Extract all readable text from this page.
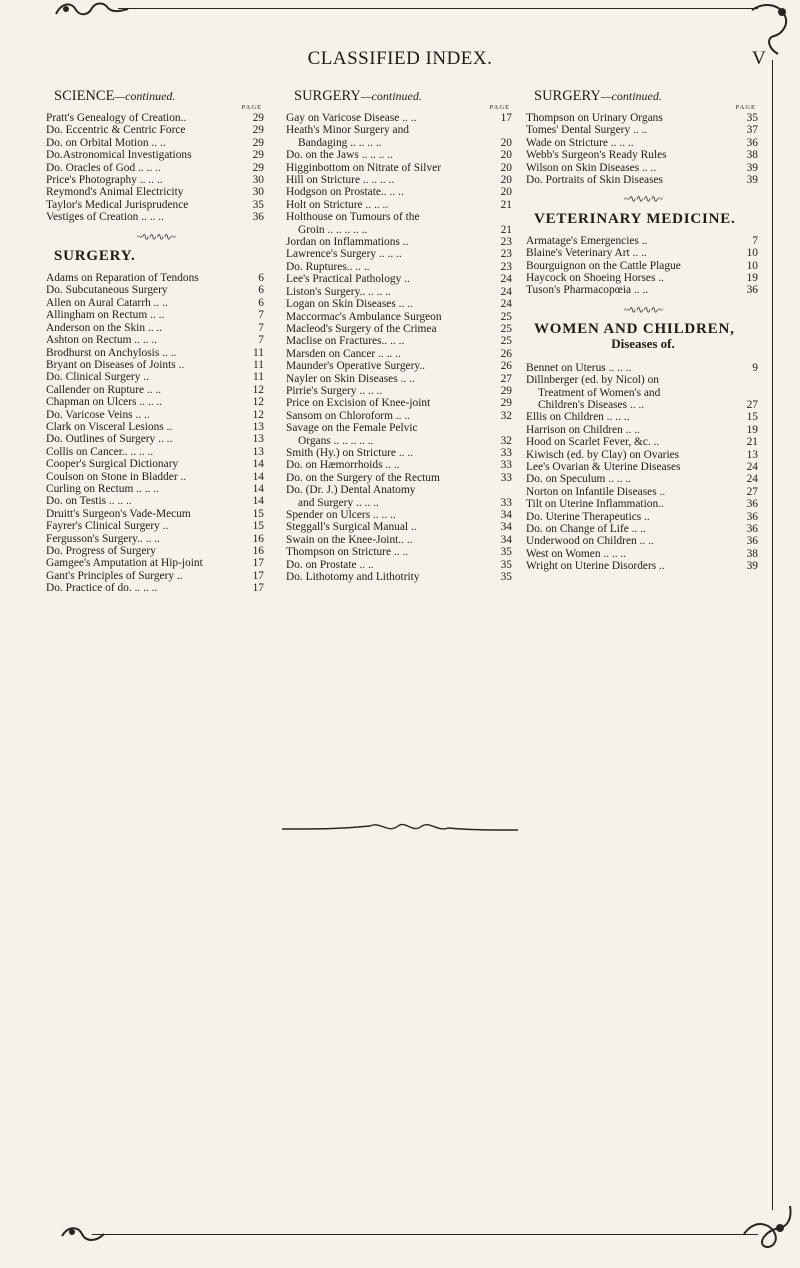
CLASSIFIED INDEX.	V
SCIENCE—continued.
PAGE
Pratt's Genealogy of Creation..	29
Do. Eccentric & Centric Force	29
Do. on Orbital Motion .. ..	29
Do.Astronomical Investigations	29
Do. Oracles of God .. .. ..	29
Price's Photography .. .. ..	30
Reymond's Animal Electricity	30
Taylor's Medical Jurisprudence	35
Vestiges of Creation .. .. ..	36
~∿∿∿∿~
SURGERY.
Adams on Reparation of Tendons	6
Do. Subcutaneous Surgery	6
Allen on Aural Catarrh .. ..	6
Allingham on Rectum .. ..	7
Anderson on the Skin .. ..	7
Ashton on Rectum .. .. ..	7
Brodhurst on Anchylosis .. ..	11
Bryant on Diseases of Joints ..	11
Do. Clinical Surgery ..	11
Callender on Rupture .. ..	12
Chapman on Ulcers .. .. ..	12
Do. Varicose Veins .. ..	12
Clark on Visceral Lesions ..	13
Do. Outlines of Surgery .. ..	13
Collis on Cancer.. .. .. ..	13
Cooper's Surgical Dictionary	14
Coulson on Stone in Bladder ..	14
Curling on Rectum .. .. ..	14
Do. on Testis .. .. ..	14
Druitt's Surgeon's Vade-Mecum	15
Fayrer's Clinical Surgery ..	15
Fergusson's Surgery.. .. ..	16
Do. Progress of Surgery	16
Gamgee's Amputation at Hip-joint	17
Gant's Principles of Surgery ..	17
Do. Practice of do. .. .. ..	17
SURGERY—continued.
PAGE
Gay on Varicose Disease .. ..	17
Heath's Minor Surgery and
Bandaging .. .. .. ..	20
Do. on the Jaws .. .. .. ..	20
Higginbottom on Nitrate of Silver	20
Hill on Stricture .. .. .. ..	20
Hodgson on Prostate.. .. ..	20
Holt on Stricture .. .. ..	21
Holthouse on Tumours of the
Groin .. .. .. .. ..	21
Jordan on Inflammations ..	23
Lawrence's Surgery .. .. ..	23
Do. Ruptures.. .. ..	23
Lee's Practical Pathology ..	24
Liston's Surgery.. .. .. ..	24
Logan on Skin Diseases .. ..	24
Maccormac's Ambulance Surgeon	25
Macleod's Surgery of the Crimea	25
Maclise on Fractures.. .. ..	25
Marsden on Cancer .. .. ..	26
Maunder's Operative Surgery..	26
Nayler on Skin Diseases .. ..	27
Pirrie's Surgery .. .. ..	29
Price on Excision of Knee-joint	29
Sansom on Chloroform .. ..	32
Savage on the Female Pelvic
Organs .. .. .. .. ..	32
Smith (Hy.) on Stricture .. ..	33
Do. on Hæmorrhoids .. ..	33
Do. on the Surgery of the Rectum	33
Do. (Dr. J.) Dental Anatomy
and Surgery .. .. ..	33
Spender on Ulcers .. .. ..	34
Steggall's Surgical Manual ..	34
Swain on the Knee-Joint.. ..	34
Thompson on Stricture .. ..	35
Do. on Prostate .. ..	35
Do. Lithotomy and Lithotrity	35
SURGERY—continued.
PAGE
Thompson on Urinary Organs	35
Tomes' Dental Surgery .. ..	37
Wade on Stricture .. .. ..	36
Webb's Surgeon's Ready Rules	38
Wilson on Skin Diseases .. ..	39
Do. Portraits of Skin Diseases	39
~∿∿∿∿~
VETERINARY MEDICINE.
Armatage's Emergencies ..	7
Blaine's Veterinary Art .. ..	10
Bourguignon on the Cattle Plague	10
Haycock on Shoeing Horses ..	19
Tuson's Pharmacopœia .. ..	36
~∿∿∿∿~
WOMEN AND CHILDREN,
Diseases of.
Bennet on Uterus .. .. ..	9
Dillnberger (ed. by Nicol) on
Treatment of Women's and
Children's Diseases .. ..	27
Ellis on Children .. .. ..	15
Harrison on Children .. ..	19
Hood on Scarlet Fever, &c. ..	21
Kiwisch (ed. by Clay) on Ovaries	13
Lee's Ovarian & Uterine Diseases	24
Do. on Speculum .. .. ..	24
Norton on Infantile Diseases ..	27
Tilt on Uterine Inflammation..	36
Do. Uterine Therapeutics ..	36
Do. on Change of Life .. ..	36
Underwood on Children .. ..	36
West on Women .. .. ..	38
Wright on Uterine Disorders ..	39
